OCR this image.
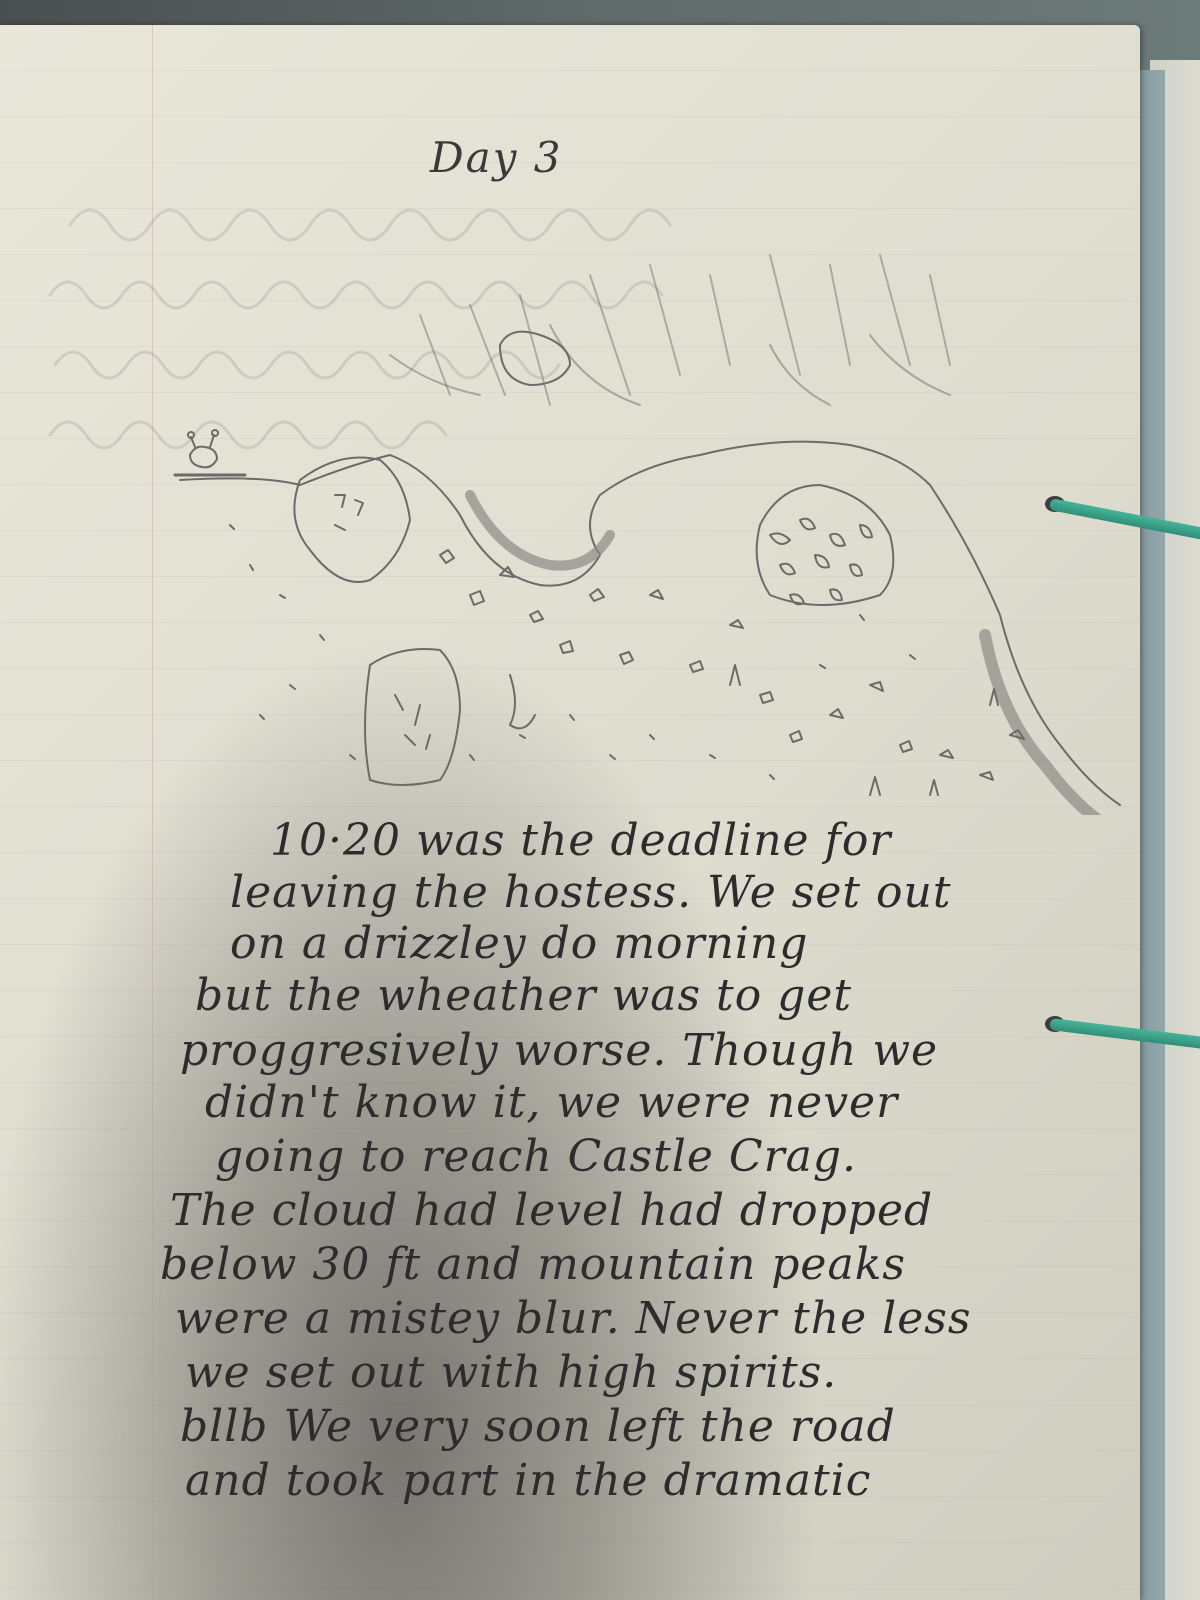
Day 3
10·20 was the deadline for
leaving the hostess. We set out
on a drizzley do morning
but the wheather was to get
proggresively worse. Though we
didn't know it, we were never
going to reach Castle Crag.
The cloud had level had dropped
below 30 ft and mountain peaks
were a mistey blur. Never the less
we set out with high spirits.
bllb We very soon left the road
and took part in the dramatic
